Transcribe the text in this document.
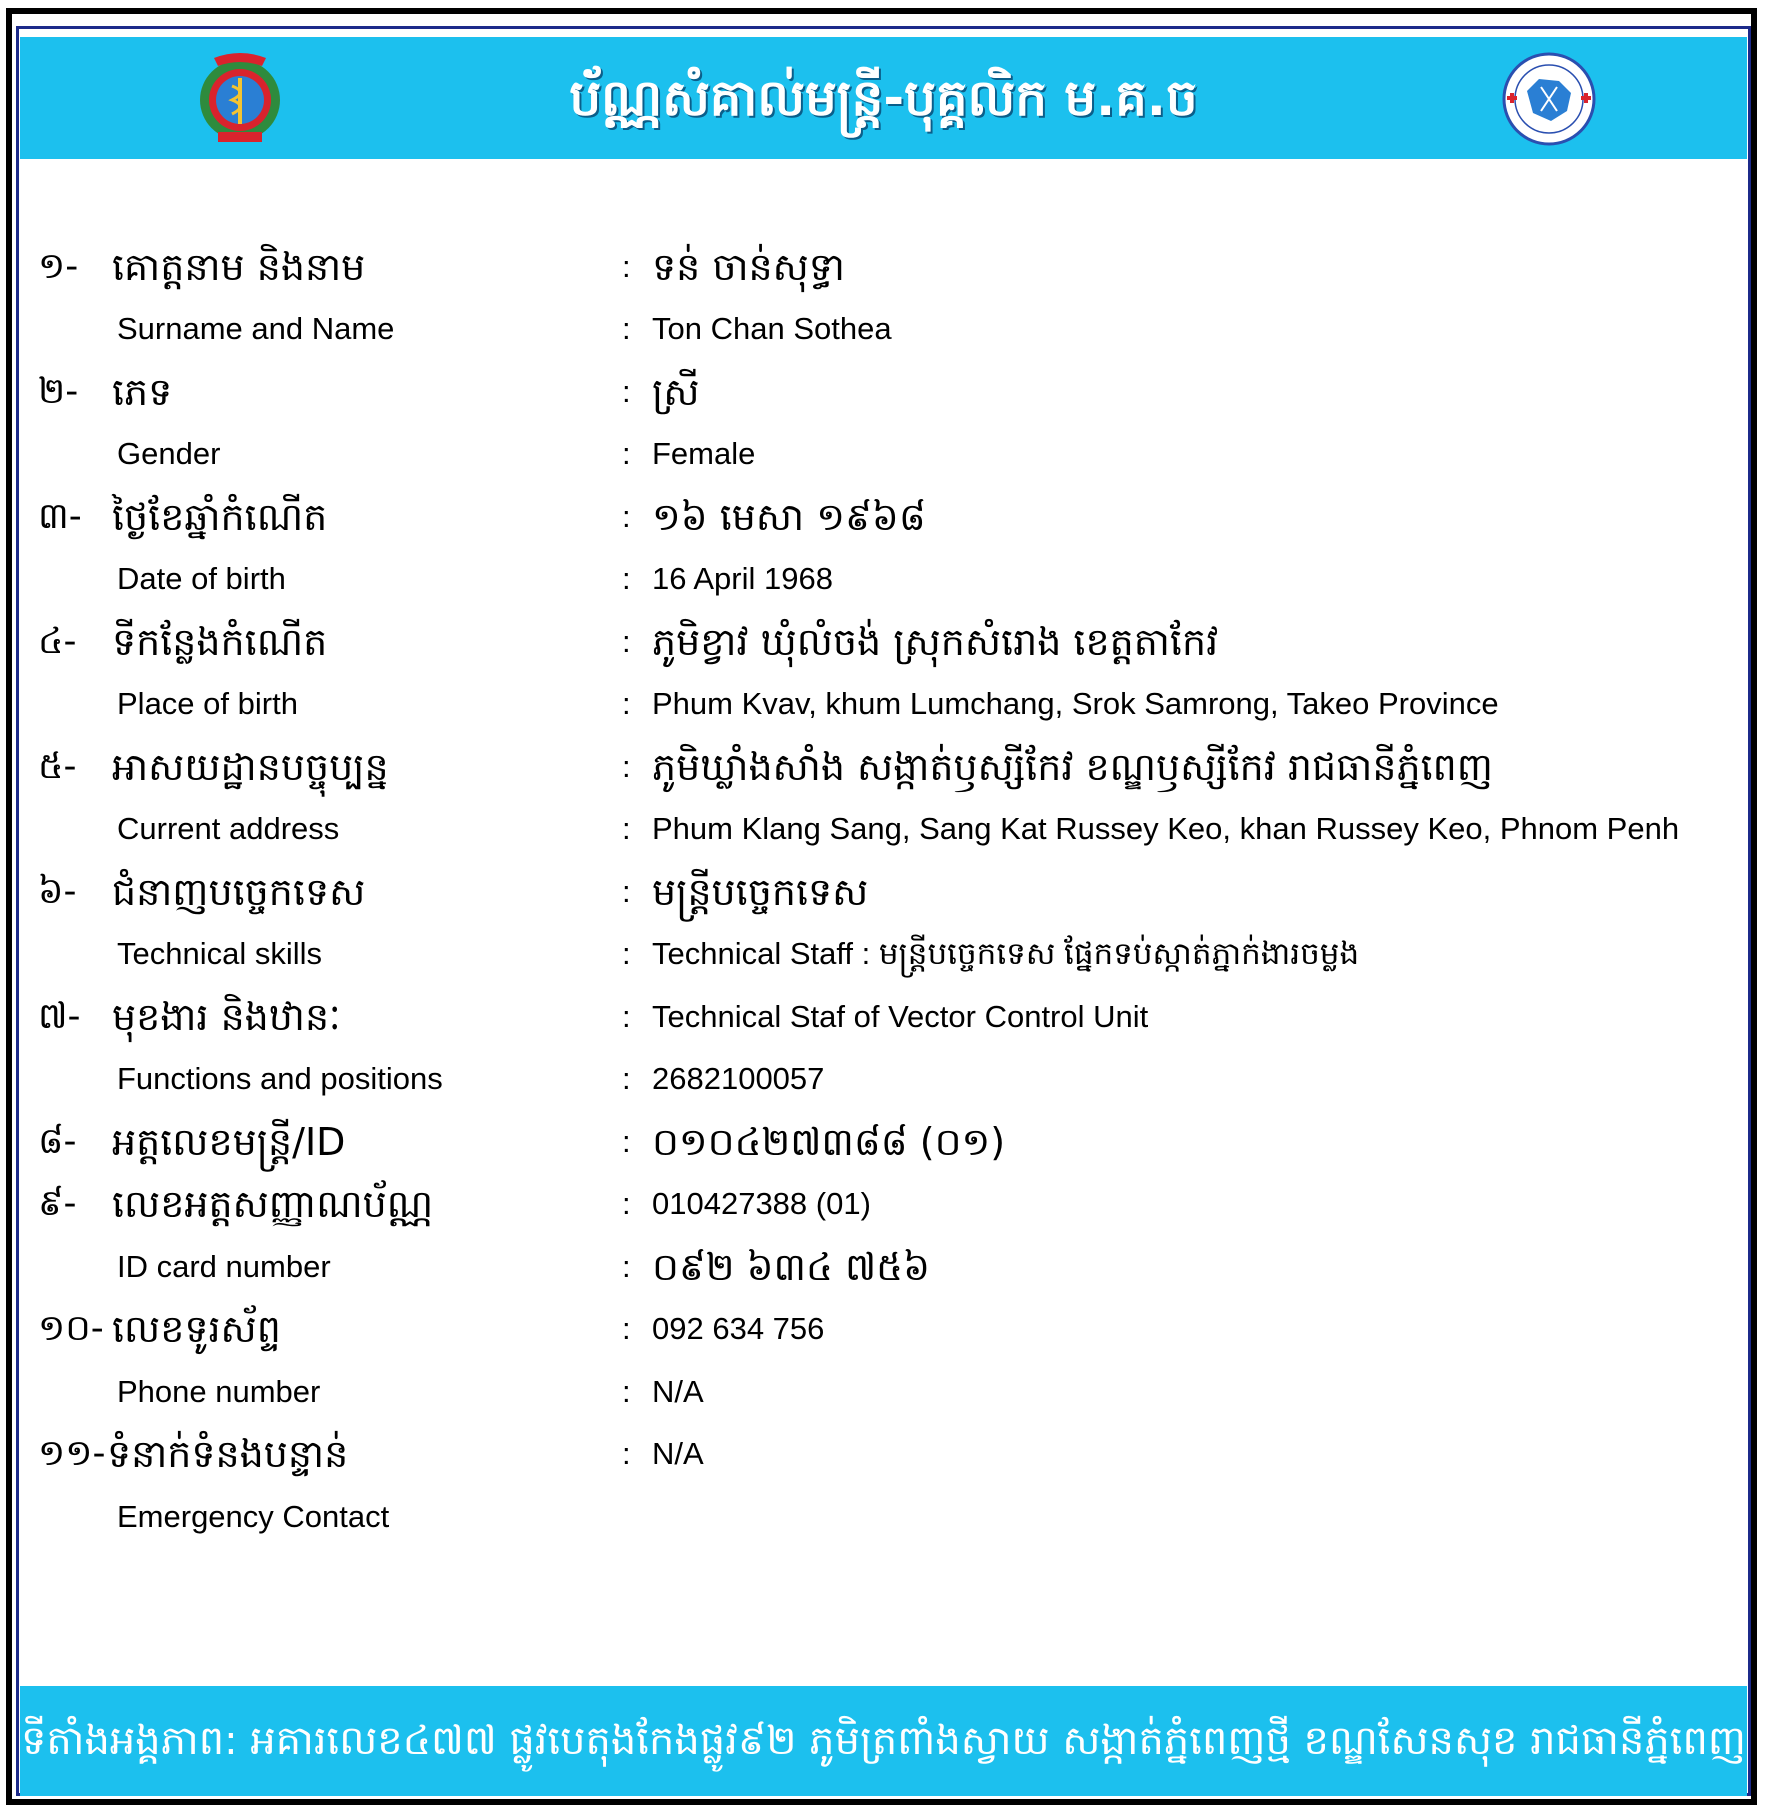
ប័ណ្ណសំគាល់មន្រ្តី-បុគ្គលិក ម.គ.ច
១- គោត្តនាម និងនាម	: ទន់ ចាន់សុទ្ធា
Surname and Name	: Ton Chan Sothea
២- ភេទ	: ស្រី
Gender	: Female
៣- ថ្ងៃខែឆ្នាំកំណើត	: ១៦ មេសា ១៩៦៨
Date of birth	: 16 April 1968
៤- ទីកន្លែងកំណើត	: ភូមិខ្វាវ ឃុំលំចង់ ស្រុកសំរោង ខេត្តតាកែវ
Place of birth	: Phum Kvav, khum Lumchang, Srok Samrong, Takeo Province
៥- អាសយដ្ឋានបច្ចុប្បន្ន	: ភូមិឃ្លាំងសាំង សង្កាត់ឫស្សីកែវ ខណ្ឌឫស្សីកែវ រាជធានីភ្នំពេញ
Current address	: Phum Klang Sang, Sang Kat Russey Keo, khan Russey Keo, Phnom Penh
៦- ជំនាញបច្ចេកទេស	: មន្ត្រីបច្ចេកទេស
Technical skills	: Technical Staff : មន្ត្រីបច្ចេកទេស ផ្នែកទប់ស្កាត់ភ្នាក់ងារចម្លង
៧- មុខងារ និងឋានៈ	: Technical Staf of Vector Control Unit
Functions and positions	: 2682100057
៨- អត្តលេខមន្ត្រី/ID	: ០១០៤២៧៣៨៨ (០១)
៩- លេខអត្តសញ្ញាណប័ណ្ណ	: 010427388 (01)
ID card number	: ០៩២ ៦៣៤ ៧៥៦
១០- លេខទូរស័ព្ទ	: 092 634 756
Phone number	: N/A
១១- ទំនាក់ទំនងបន្ទាន់	: N/A
Emergency Contact
ទីតាំងអង្គភាព: អគារលេខ៤៧៧ ផ្លូវបេតុងកែងផ្លូវ៩២ ភូមិត្រពាំងស្វាយ សង្កាត់ភ្នំពេញថ្មី ខណ្ឌសែនសុខ រាជធានីភ្នំពេញ
